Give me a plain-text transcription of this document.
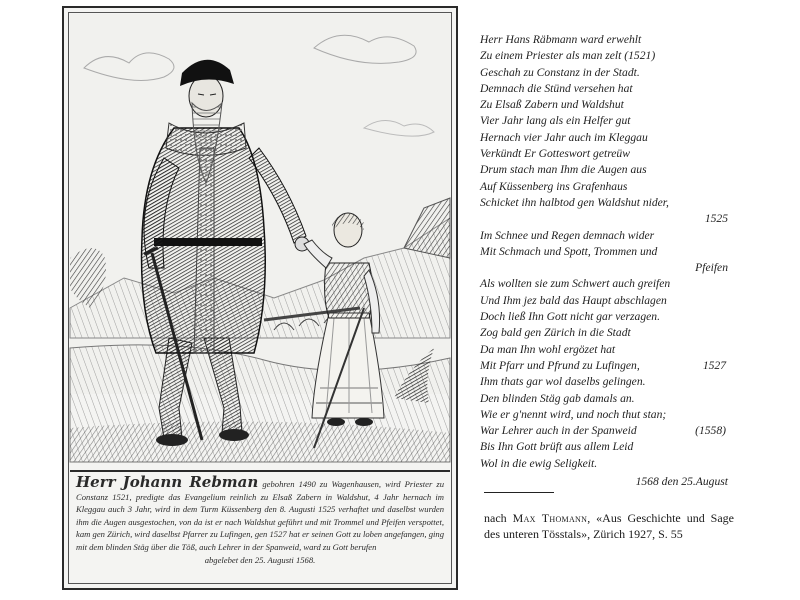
Herr Johann Rebman gebohren 1490 zu Wagenhausen, wird Priester zu Constanz 1521, predigte das Evangelium reinlich zu Elsaß Zabern in Waldshut, 4 Jahr hernach im Kleggau auch 3 Jahr, wird in dem Turm Küssenberg den 8. Augusti 1525 verhaftet und daselbst wurden ihm die Augen ausgestochen, von da ist er nach Waldshut geführt und mit Trommel und Pfeifen verspottet, kam gen Zürich, wird daselbst Pfarrer zu Lufingen, gen 1527 hat er seinen Gott zu loben angefangen, ging mit dem blinden Stäg über die Töß, auch Lehrer in der Spanweid, ward zu Gott berufen
abgelebet den 25. Augusti 1568.
Herr Hans Räbmann ward erwehlt
Zu einem Priester als man zelt (1521)
Geschah zu Constanz in der Stadt.
Demnach die Stünd versehen hat
Zu Elsaß Zabern und Waldshut
Vier Jahr lang als ein Helfer gut
Hernach vier Jahr auch im Kleggau
Verkündt Er Gotteswort getreüw
Drum stach man Ihm die Augen aus
Auf Küssenberg ins Grafenhaus
Schicket ihn halbtod gen Waldshut nider,
1525
Im Schnee und Regen demnach wider
Mit Schmach und Spott, Trommen und
Pfeifen
Als wollten sie zum Schwert auch greifen
Und Ihm jez bald das Haupt abschlagen
Doch ließ Ihn Gott nicht gar verzagen.
Zog bald gen Zürich in die Stadt
Da man Ihn wohl ergözet hat
Mit Pfarr und Pfrund zu Lufingen,	1527
Ihm thats gar wol daselbs gelingen.
Den blinden Stäg gab damals an.
Wie er g'nennt wird, und noch thut stan;
War Lehrer auch in der Spanweid	(1558)
Bis Ihn Gott brüft aus allem Leid
Wol in die ewig Seligkeit.
1568 den 25.August
nach Max Thomann, «Aus Geschichte und Sage des unteren Tösstals», Zürich 1927, S. 55
